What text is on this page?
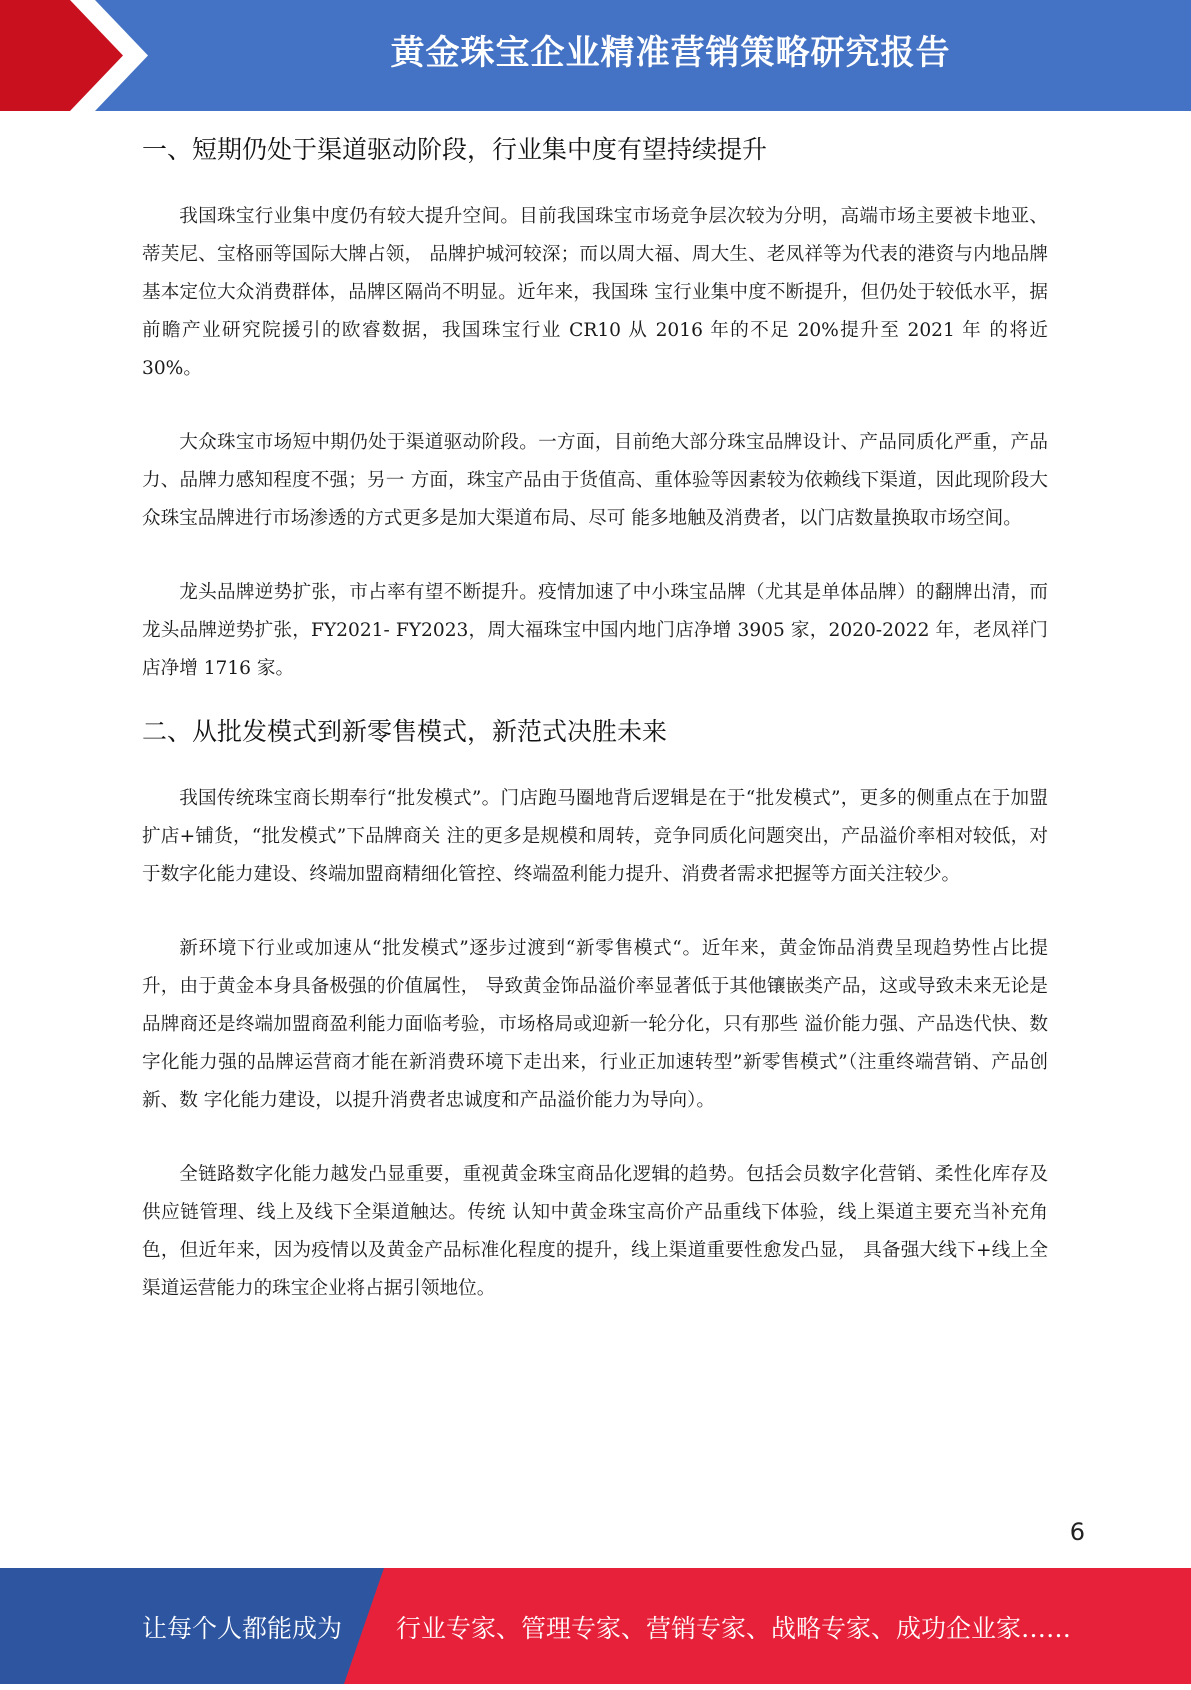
黄金珠宝企业精准营销策略研究报告
一、短期仍处于渠道驱动阶段，行业集中度有望持续提升

我国珠宝行业集中度仍有较大提升空间。目前我国珠宝市场竞争层次较为分明，高端市场主要被卡地亚、蒂芙尼、宝格丽等国际大牌占领， 品牌护城河较深；而以周大福、周大生、老凤祥等为代表的港资与内地品牌基本定位大众消费群体，品牌区隔尚不明显。近年来，我国珠 宝行业集中度不断提升，但仍处于较低水平，据前瞻产业研究院援引的欧睿数据，我国珠宝行业 CR10 从 2016 年的不足 20%提升至 2021 年 的将近 30%。

大众珠宝市场短中期仍处于渠道驱动阶段。一方面，目前绝大部分珠宝品牌设计、产品同质化严重，产品力、品牌力感知程度不强；另一 方面，珠宝产品由于货值高、重体验等因素较为依赖线下渠道，因此现阶段大众珠宝品牌进行市场渗透的方式更多是加大渠道布局、尽可 能多地触及消费者，以门店数量换取市场空间。

龙头品牌逆势扩张，市占率有望不断提升。疫情加速了中小珠宝品牌（尤其是单体品牌）的翻牌出清，而龙头品牌逆势扩张，FY2021- FY2023，周大福珠宝中国内地门店净增 3905 家，2020-2022 年，老凤祥门店净增 1716 家。

二、从批发模式到新零售模式，新范式决胜未来

我国传统珠宝商长期奉行“批发模式”。门店跑马圈地背后逻辑是在于“批发模式”，更多的侧重点在于加盟扩店+铺货，“批发模式”下品牌商关 注的更多是规模和周转，竞争同质化问题突出，产品溢价率相对较低，对于数字化能力建设、终端加盟商精细化管控、终端盈利能力提升、消费者需求把握等方面关注较少。

新环境下行业或加速从“批发模式”逐步过渡到“新零售模式“。近年来，黄金饰品消费呈现趋势性占比提升，由于黄金本身具备极强的价值属性， 导致黄金饰品溢价率显著低于其他镶嵌类产品，这或导致未来无论是品牌商还是终端加盟商盈利能力面临考验，市场格局或迎新一轮分化，只有那些 溢价能力强、产品迭代快、数字化能力强的品牌运营商才能在新消费环境下走出来，行业正加速转型”新零售模式”（注重终端营销、产品创新、数 字化能力建设，以提升消费者忠诚度和产品溢价能力为导向）。

全链路数字化能力越发凸显重要，重视黄金珠宝商品化逻辑的趋势。包括会员数字化营销、柔性化库存及供应链管理、线上及线下全渠道触达。传统 认知中黄金珠宝高价产品重线下体验，线上渠道主要充当补充角色，但近年来，因为疫情以及黄金产品标准化程度的提升，线上渠道重要性愈发凸显， 具备强大线下+线上全渠道运营能力的珠宝企业将占据引领地位。

6
让每个人都能成为 行业专家、管理专家、营销专家、战略专家、成功企业家……
